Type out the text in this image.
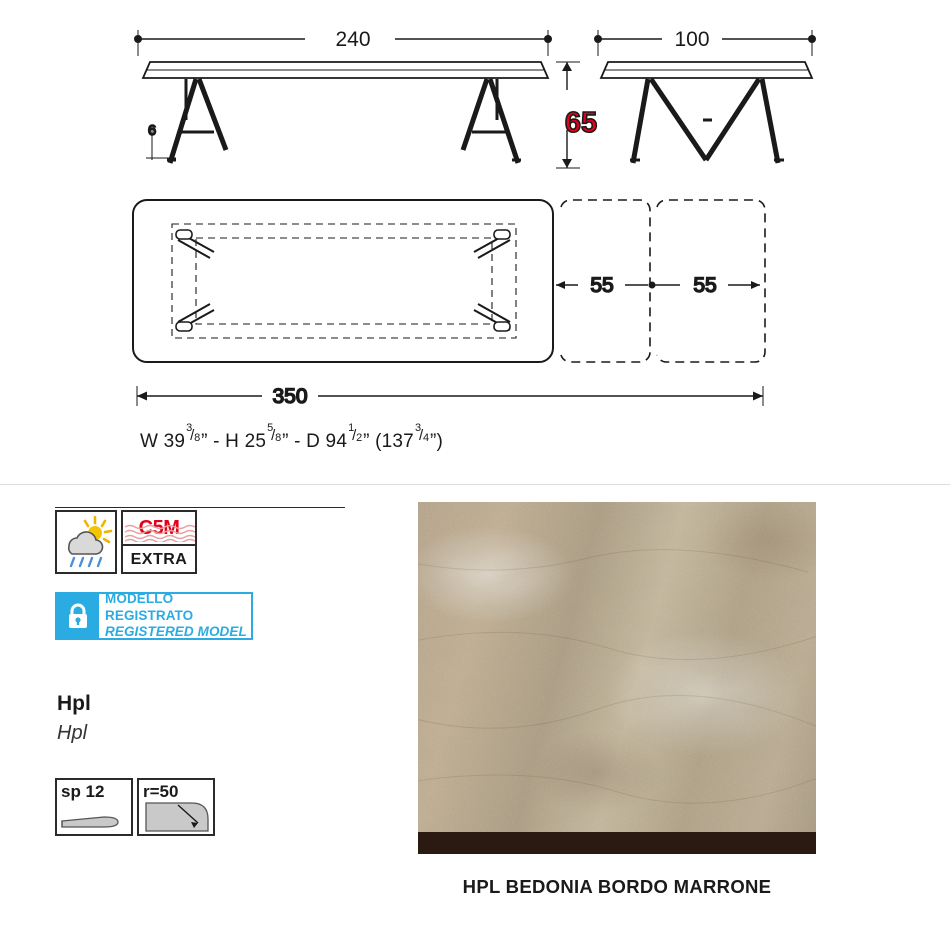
6	65
55	55
350
240	100
W 39
3
/ 8 ” - H 25
5
/ 8 ” - D 94
1
/ 2 ” (137
3
/ 4 ”)
C5M
EXTRA
MODELLO REGISTRATO
REGISTERED MODEL
Hpl
Hpl
sp 12 r=50
HPL BEDONIA BORDO MARRONE
